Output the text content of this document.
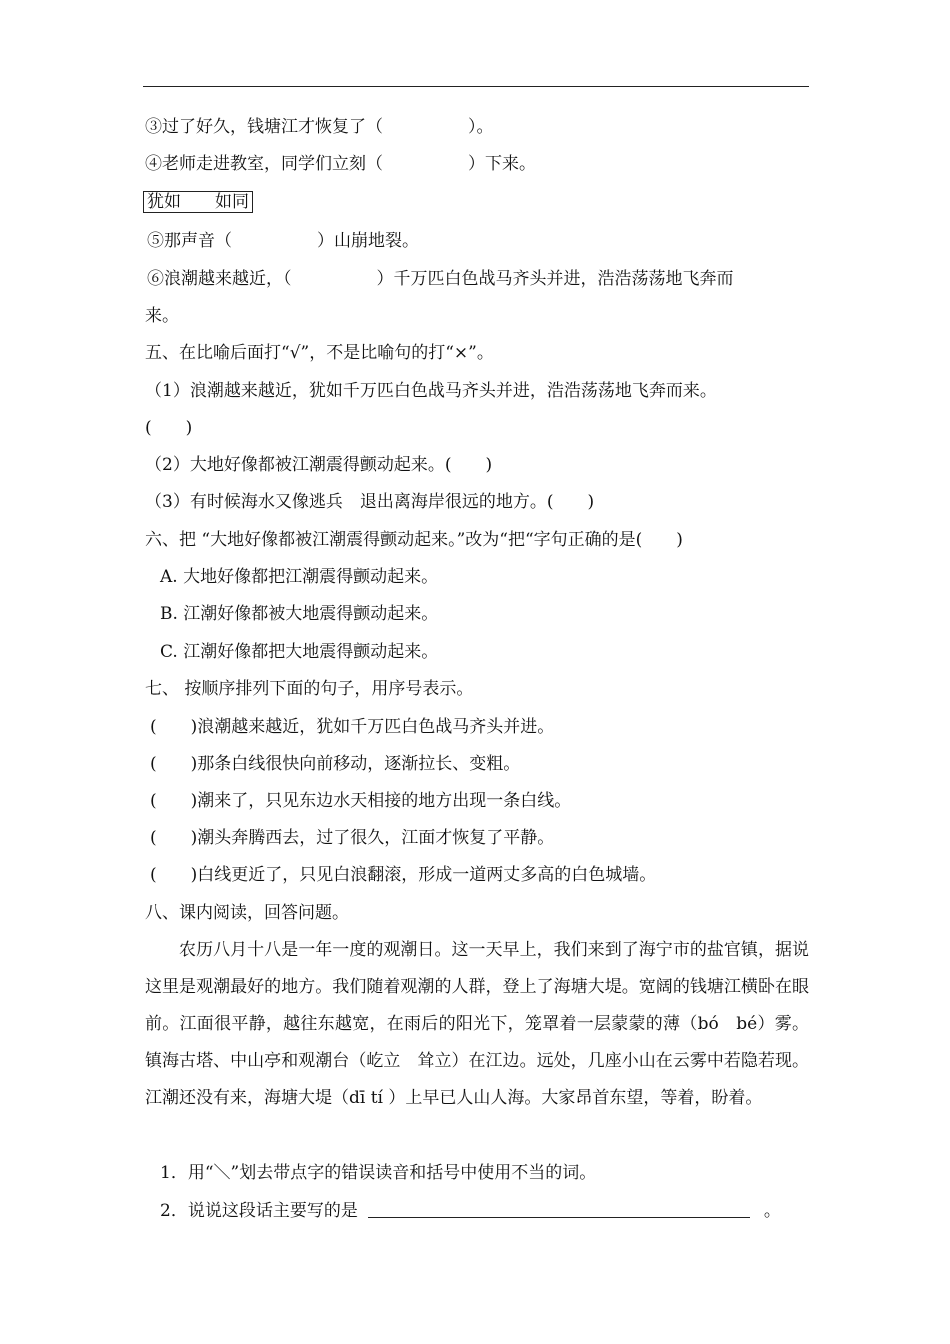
③过了好久，钱塘江才恢复了（　　　　　）。
④老师走进教室，同学们立刻（　　　　　）下来。
犹如　　如同
⑤那声音（　　　　　）山崩地裂。
⑥浪潮越来越近，（　　　　　）千万匹白色战马齐头并进，浩浩荡荡地飞奔而
来。
五、在比喻后面打“√”，不是比喻句的打“×”。
（1）浪潮越来越近，犹如千万匹白色战马齐头并进，浩浩荡荡地飞奔而来。
(　　)
（2）大地好像都被江潮震得颤动起来。(　　)
（3）有时候海水又像逃兵　退出离海岸很远的地方。(　　)
六、把 “大地好像都被江潮震得颤动起来。”改为“把“字句正确的是(　　)
A. 大地好像都把江潮震得颤动起来。
B. 江潮好像都被大地震得颤动起来。
C. 江潮好像都把大地震得颤动起来。
七、 按顺序排列下面的句子，用序号表示。
(　　)浪潮越来越近，犹如千万匹白色战马齐头并进。
(　　)那条白线很快向前移动，逐渐拉长、变粗。
(　　)潮来了，只见东边水天相接的地方出现一条白线。
(　　)潮头奔腾西去，过了很久，江面才恢复了平静。
(　　)白线更近了，只见白浪翻滚，形成一道两丈多高的白色城墙。
八、课内阅读，回答问题。
　　农历八月十八是一年一度的观潮日。这一天早上，我们来到了海宁市的盐官镇，据说这里是观潮最好的地方。我们随着观潮的人群，登上了海塘大堤。宽阔的钱塘江横卧在眼前。江面很平静，越往东越宽，在雨后的阳光下，笼罩着一层蒙蒙的薄（bó　bé）雾。镇海古塔、中山亭和观潮台（屹立　耸立）在江边。远处，几座小山在云雾中若隐若现。江潮还没有来，海塘大堤（dī tí ）上早已人山人海。大家昂首东望，等着，盼着。
1．用“＼”划去带点字的错误读音和括号中使用不当的词。
2．说说这段话主要写的是	。
